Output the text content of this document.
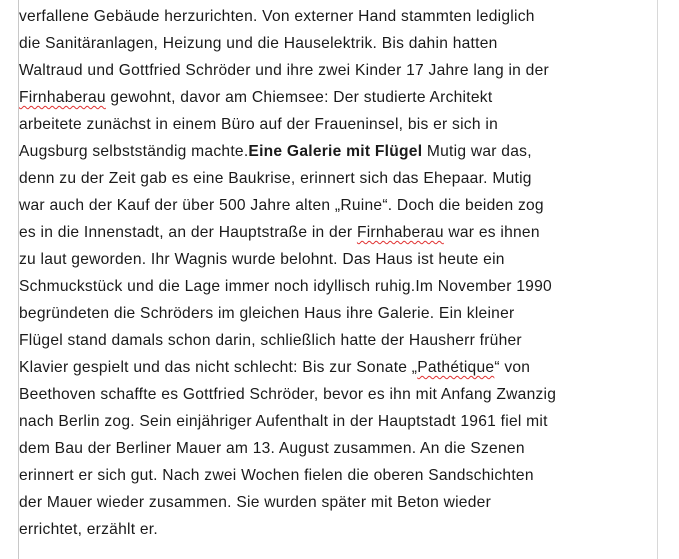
verfallene Gebäude herzurichten. Von externer Hand stammten lediglich
die Sanitäranlagen, Heizung und die Hauselektrik. Bis dahin hatten
Waltraud und Gottfried Schröder und ihre zwei Kinder 17 Jahre lang in der
Firnhaberau gewohnt, davor am Chiemsee: Der studierte Architekt
arbeitete zunächst in einem Büro auf der Fraueninsel, bis er sich in
Augsburg selbstständig machte.Eine Galerie mit Flügel Mutig war das,
denn zu der Zeit gab es eine Baukrise, erinnert sich das Ehepaar. Mutig
war auch der Kauf der über 500 Jahre alten „Ruine“. Doch die beiden zog
es in die Innenstadt, an der Hauptstraße in der Firnhaberau war es ihnen
zu laut geworden. Ihr Wagnis wurde belohnt. Das Haus ist heute ein
Schmuckstück und die Lage immer noch idyllisch ruhig.Im November 1990
begründeten die Schröders im gleichen Haus ihre Galerie. Ein kleiner
Flügel stand damals schon darin, schließlich hatte der Hausherr früher
Klavier gespielt und das nicht schlecht: Bis zur Sonate „Pathétique“ von
Beethoven schaffte es Gottfried Schröder, bevor es ihn mit Anfang Zwanzig
nach Berlin zog. Sein einjähriger Aufenthalt in der Hauptstadt 1961 fiel mit
dem Bau der Berliner Mauer am 13. August zusammen. An die Szenen
erinnert er sich gut. Nach zwei Wochen fielen die oberen Sandschichten
der Mauer wieder zusammen. Sie wurden später mit Beton wieder
errichtet, erzählt er.
